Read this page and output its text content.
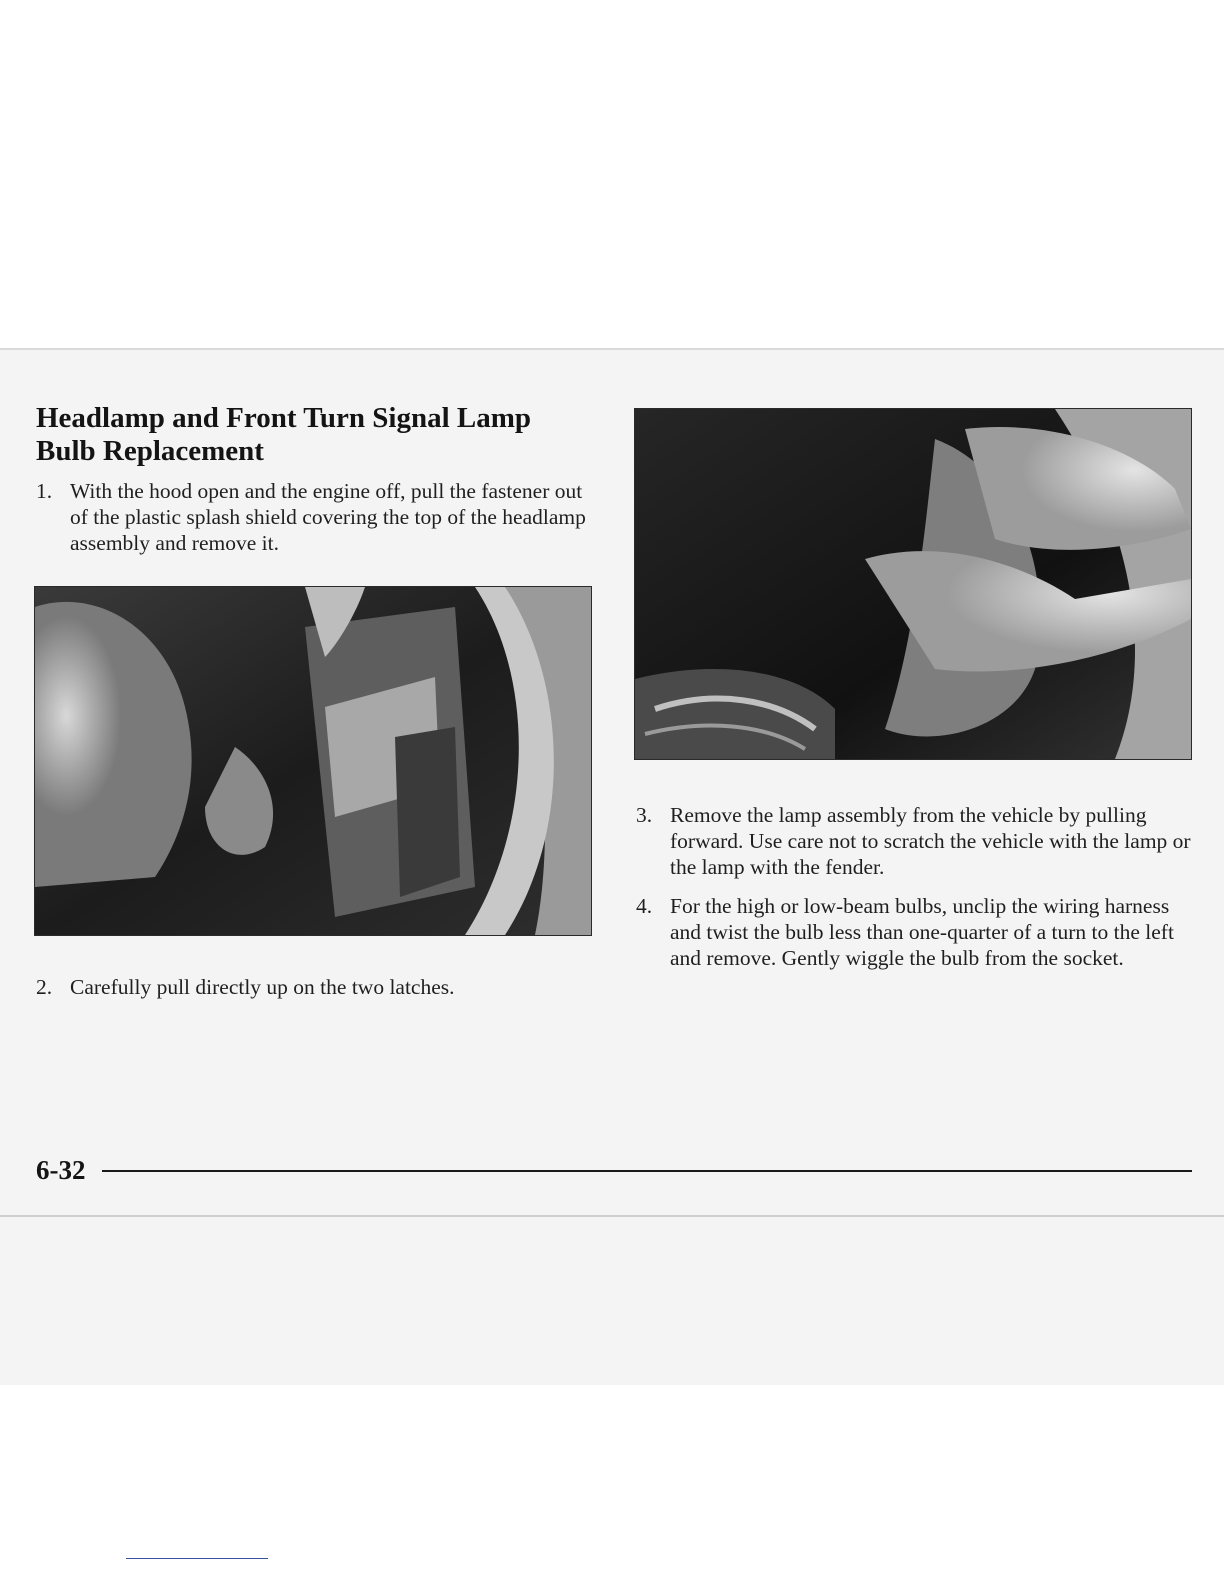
Headlamp and Front Turn Signal Lamp Bulb Replacement
1. With the hood open and the engine off, pull the fastener out of the plastic splash shield covering the top of the headlamp assembly and remove it.
2. Carefully pull directly up on the two latches.
3. Remove the lamp assembly from the vehicle by pulling forward. Use care not to scratch the vehicle with the lamp or the lamp with the fender.
4. For the high or low-beam bulbs, unclip the wiring harness and twist the bulb less than one-quarter of a turn to the left and remove. Gently wiggle the bulb from the socket.
6-32
